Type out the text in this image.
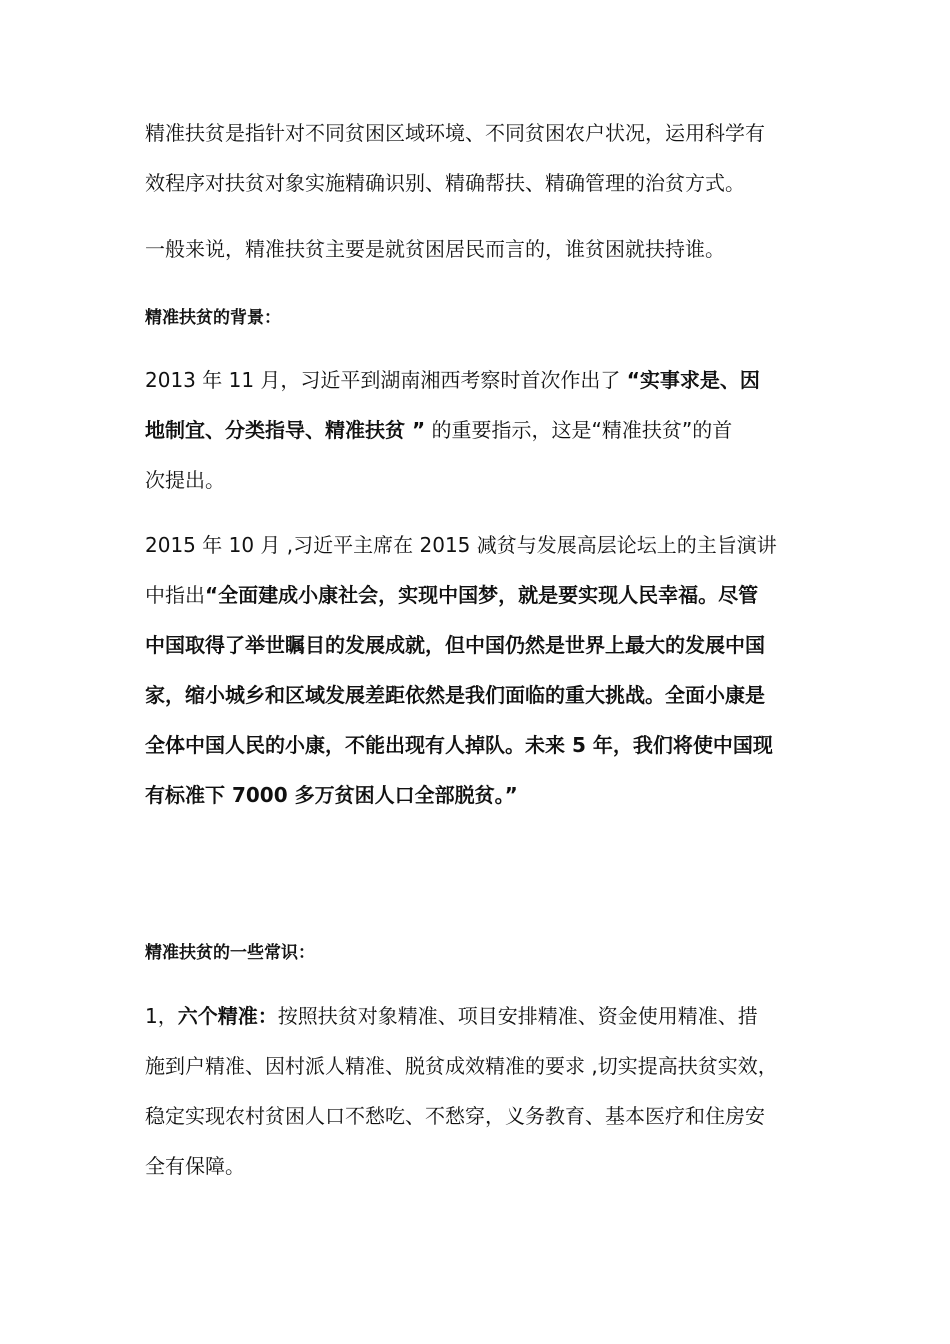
精准扶贫是指针对不同贫困区域环境、不同贫困农户状况，运用科学有
效程序对扶贫对象实施精确识别、精确帮扶、精确管理的治贫方式。
一般来说，精准扶贫主要是就贫困居民而言的，谁贫困就扶持谁。
精准扶贫的背景：
2013 年 11 月，习近平到湖南湘西考察时首次作出了 “实事求是、因
地制宜、分类指导、精准扶贫 ” 的重要指示，这是“精准扶贫”的首
次提出。
2015 年 10 月 ,习近平主席在 2015 减贫与发展高层论坛上的主旨演讲
中指出“全面建成小康社会，实现中国梦，就是要实现人民幸福。尽管
中国取得了举世瞩目的发展成就，但中国仍然是世界上最大的发展中国
家，缩小城乡和区域发展差距依然是我们面临的重大挑战。全面小康是
全体中国人民的小康，不能出现有人掉队。未来 5 年，我们将使中国现
有标准下 7000 多万贫困人口全部脱贫。”
精准扶贫的一些常识：
1，六个精准：按照扶贫对象精准、项目安排精准、资金使用精准、措
施到户精准、因村派人精准、脱贫成效精准的要求 ,切实提高扶贫实效，
稳定实现农村贫困人口不愁吃、不愁穿，义务教育、基本医疗和住房安
全有保障。
